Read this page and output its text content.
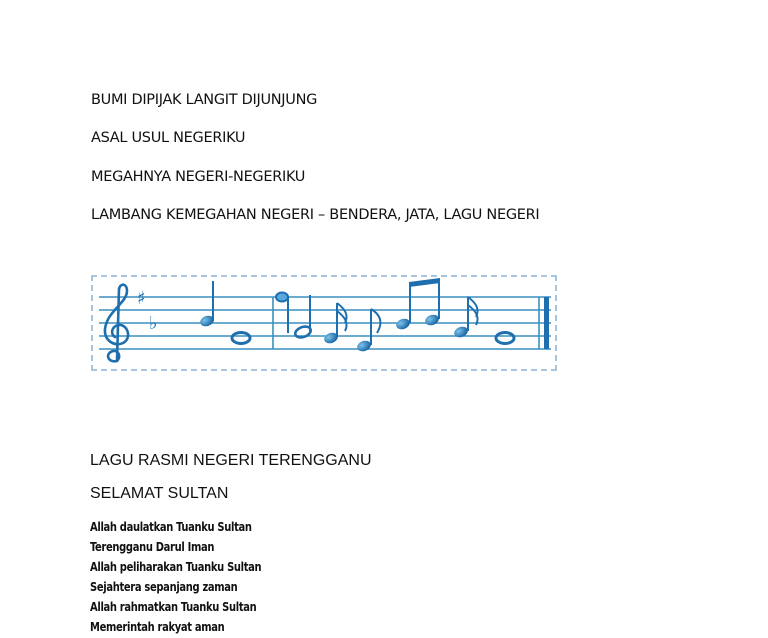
BUMI DIPIJAK LANGIT DIJUNJUNG

ASAL USUL NEGERIKU

MEGAHNYA NEGERI-NEGERIKU

LAMBANG KEMEGAHAN NEGERI – BENDERA, JATA, LAGU NEGERI

♯
♭

LAGU RASMI NEGERI TERENGGANU

SELAMAT SULTAN

Allah daulatkan Tuanku Sultan
Terengganu Darul Iman
Allah peliharakan Tuanku Sultan
Sejahtera sepanjang zaman
Allah rahmatkan Tuanku Sultan
Memerintah rakyat aman
